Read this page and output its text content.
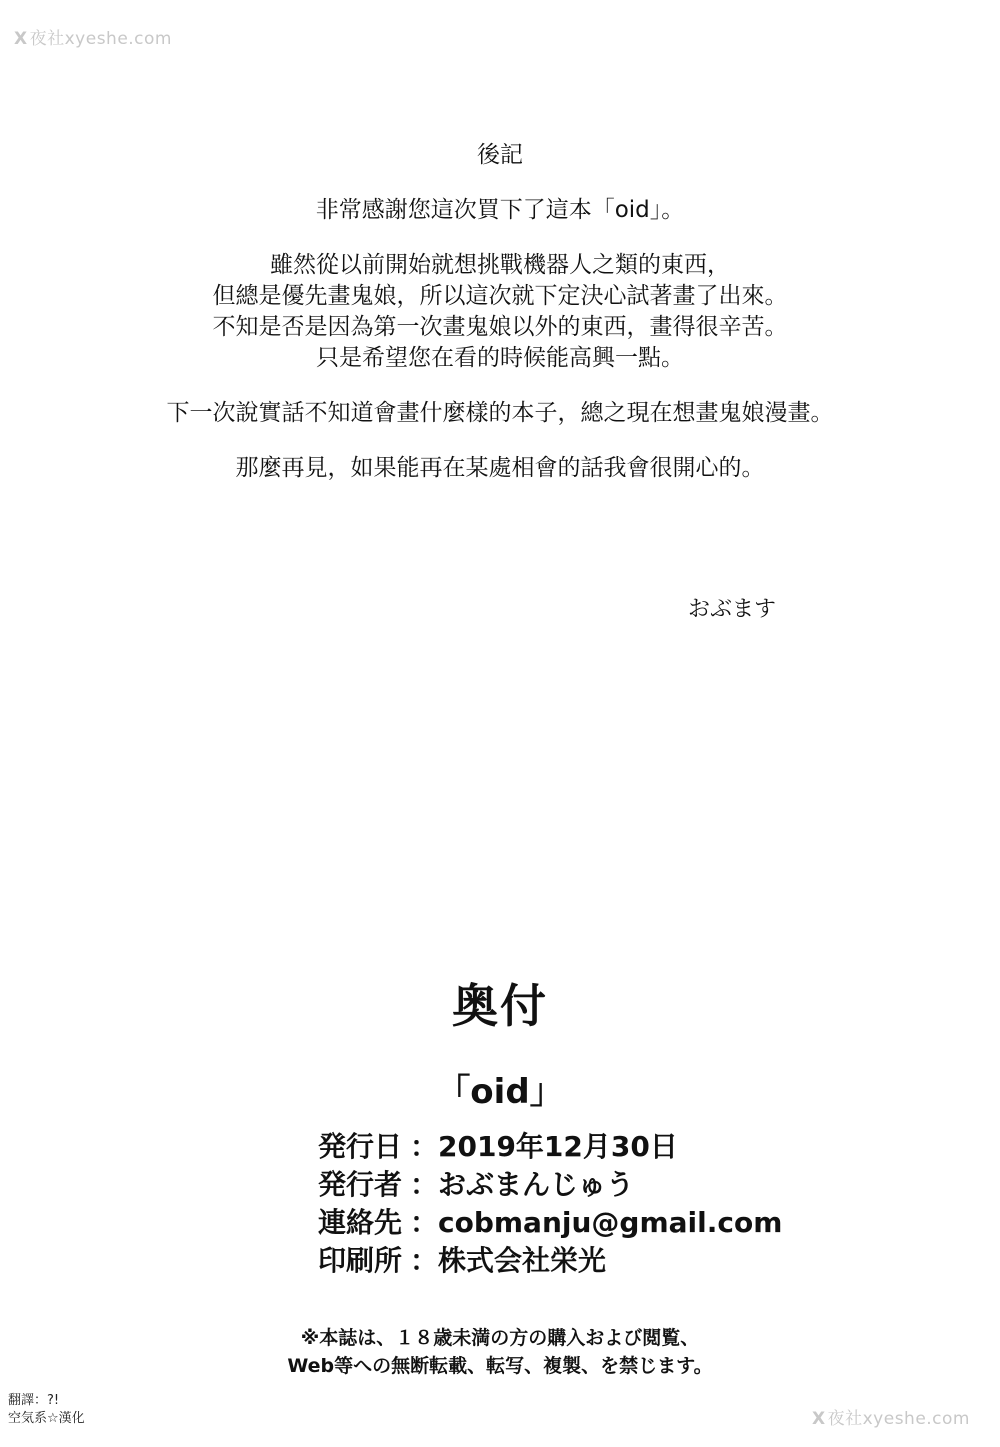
X 夜社xyeshe.com
後記

非常感謝您這次買下了這本「oid」。

雖然從以前開始就想挑戰機器人之類的東西，
但總是優先畫鬼娘，所以這次就下定決心試著畫了出來。
不知是否是因為第一次畫鬼娘以外的東西，畫得很辛苦。
只是希望您在看的時候能高興一點。

下一次說實話不知道會畫什麼樣的本子，總之現在想畫鬼娘漫畫。

那麼再見，如果能再在某處相會的話我會很開心的。

おぶます
奥付
「oid」
発行日 ： 2019年12月30日
発行者 ： おぶまんじゅう
連絡先 ： cobmanju@gmail.com
印刷所 ： 株式会社栄光
※本誌は、１８歳未満の方の購入および閲覧、
Web等への無断転載、転写、複製、を禁じます。
翻譯：?!
空気系☆漢化	X 夜社xyeshe.com
